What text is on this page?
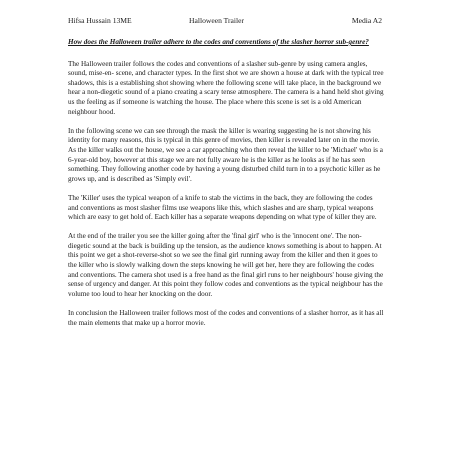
Hifsa Hussain 13ME	Halloween Trailer	Media A2

How does the Halloween trailer adhere to the codes and conventions of the slasher horror sub-genre?

The Halloween trailer follows the codes and conventions of a slasher sub-genre by using camera angles, sound, mise-en- scene, and character types. In the first shot we are shown a house at dark with the typical tree shadows, this is a establishing shot showing where the following scene will take place, in the background we hear a non-diegetic sound of a piano creating a scary tense atmosphere. The camera is a hand held shot giving us the feeling as if someone is watching the house. The place where this scene is set is a old American neighbour hood.

In the following scene we can see through the mask the killer is wearing suggesting he is not showing his identity for many reasons, this is typical in this genre of movies, then killer is revealed later on in the movie. As the killer walks out the house, we see a car approaching who then reveal the killer to be 'Michael' who is a 6-year-old boy, however at this stage we are not fully aware he is the killer as he looks as if he has seen something. They following another code by having a young disturbed child turn in to a psychotic killer as he grows up, and is described as 'Simply evil'.

The 'Killer' uses the typical weapon of a knife to stab the victims in the back, they are following the codes and conventions as most slasher films use weapons like this, which slashes and are sharp, typical weapons which are easy to get hold of. Each killer has a separate weapons depending on what type of killer they are.

At the end of the trailer you see the killer going after the 'final girl' who is the 'innocent one'. The non-diegetic sound at the back is building up the tension, as the audience knows something is about to happen. At this point we get a shot-reverse-shot so we see the final girl running away from the killer and then it goes to the killer who is slowly walking down the steps knowing he will get her, here they are following the codes and conventions. The camera shot used is a free hand as the final girl runs to her neighbours' house giving the sense of urgency and danger. At this point they follow codes and conventions as the typical neighbour has the volume too loud to hear her knocking on the door.

In conclusion the Halloween trailer follows most of the codes and conventions of a slasher horror, as it has all the main elements that make up a horror movie.
